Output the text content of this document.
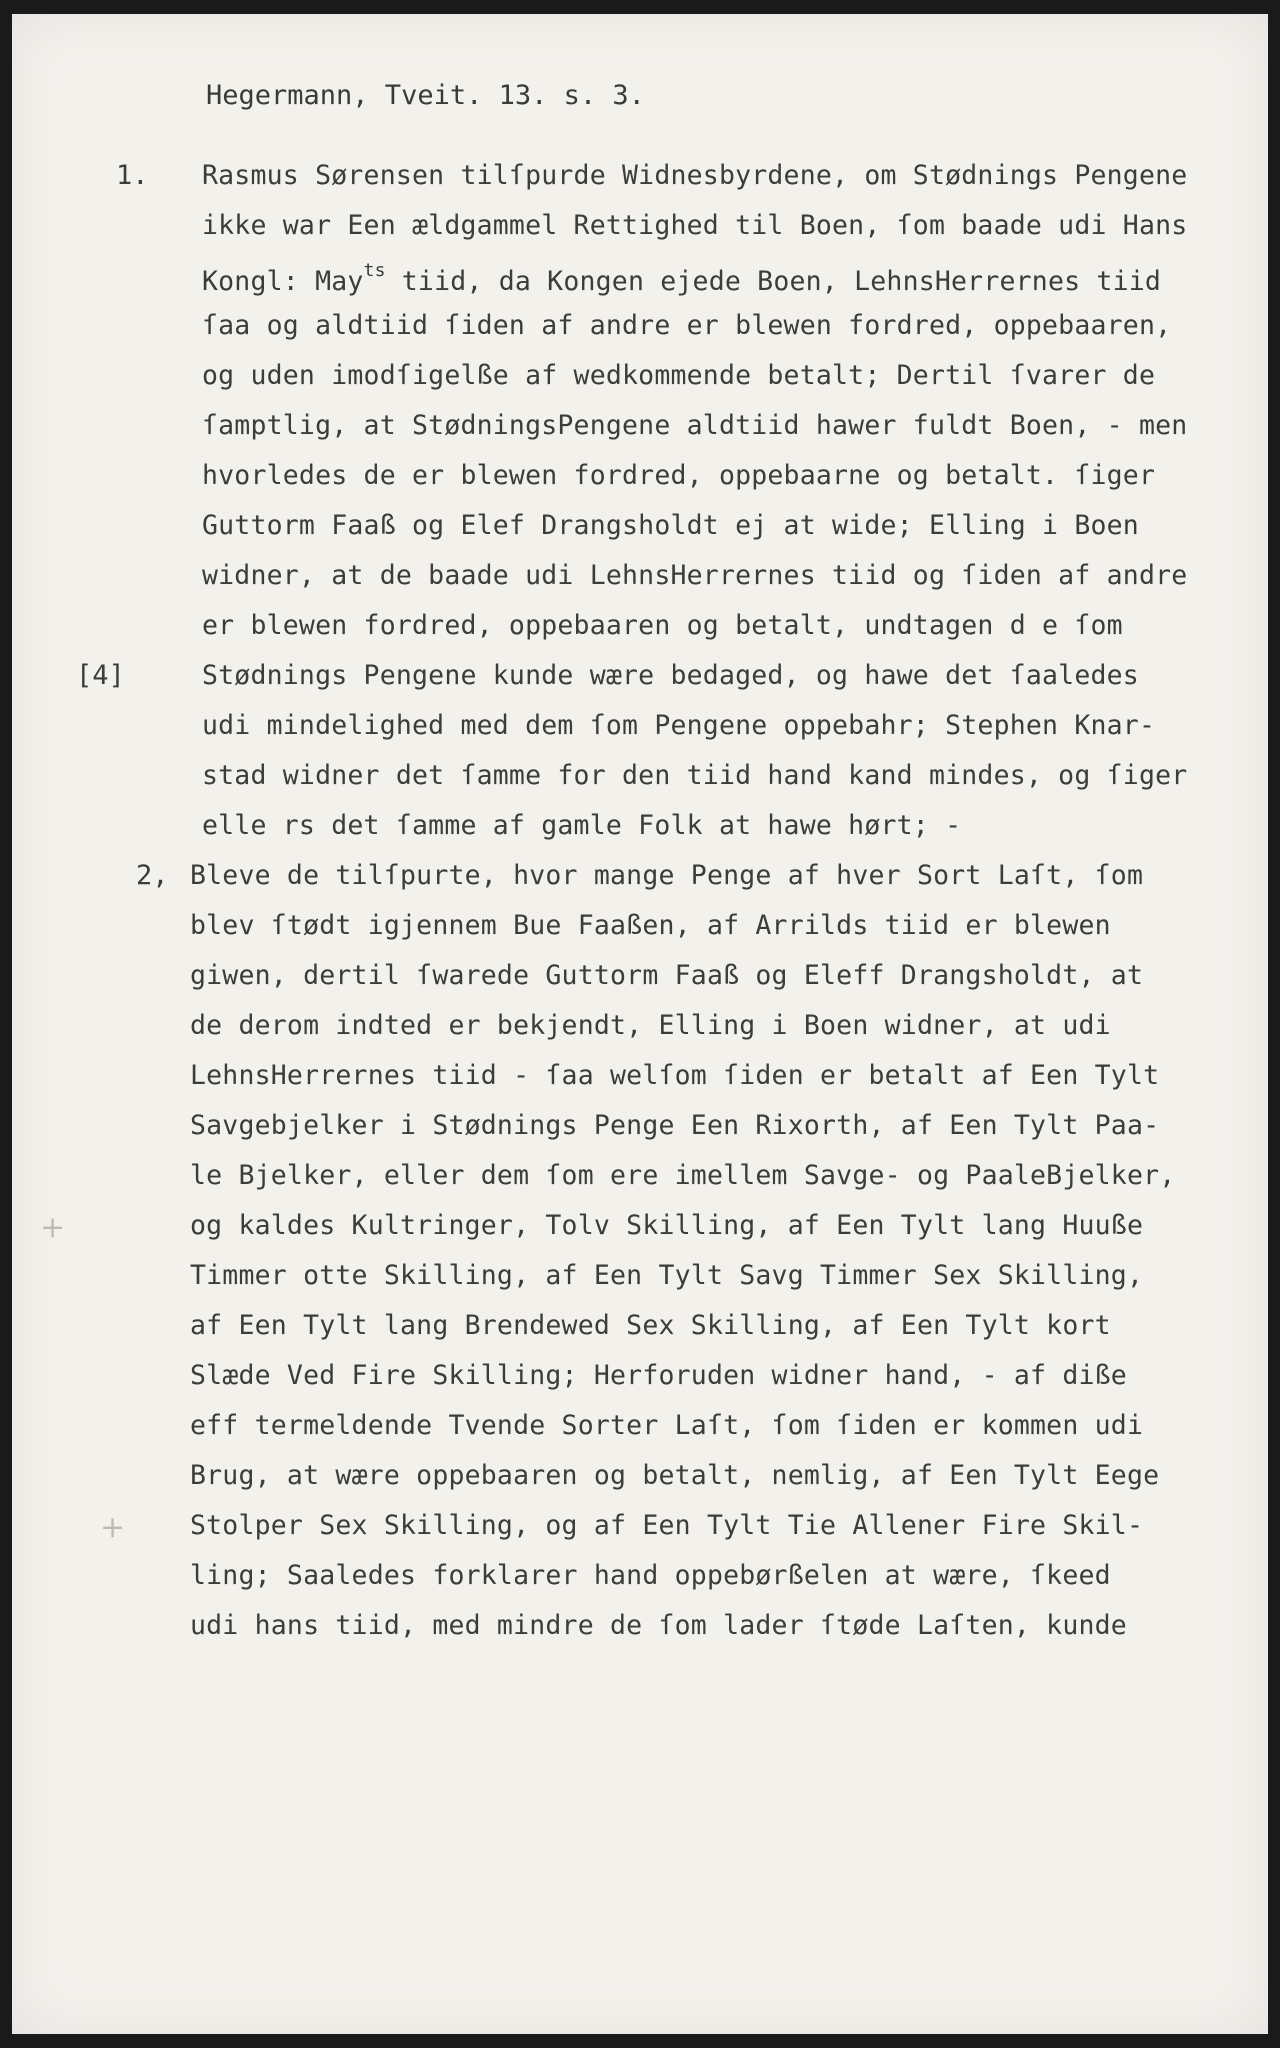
Hegermann, Tveit. 13. s. 3.
1. Rasmus Sørensen tilſpurde Widnesbyrdene, om Stødnings Pengene
ikke war Een ældgammel Rettighed til Boen, ſom baade udi Hans
Kongl: May$^{ts}$ tiid, da Kongen ejede Boen, LehnsHerrernes tiid
ſaa og aldtiid ſiden af andre er blewen fordred, oppebaaren,
og uden imodſigelße af wedkommende betalt; Dertil ſvarer de
ſamptlig, at StødningsPengene aldtiid hawer fuldt Boen, - men
hvorledes de er blewen fordred, oppebaarne og betalt. ſiger
Guttorm Faaß og Elef Drangsholdt ej at wide; Elling i Boen
widner, at de baade udi LehnsHerrernes tiid og ſiden af andre
er blewen fordred, oppebaaren og betalt, undtagen d e ſom
[4]	Stødnings Pengene kunde wære bedaged, og hawe det ſaaledes
udi mindelighed med dem ſom Pengene oppebahr; Stephen Knar-
stad widner det ſamme for den tiid hand kand mindes, og ſiger
elle rs det ſamme af gamle Folk at hawe hørt; -
2, Bleve de tilſpurte, hvor mange Penge af hver Sort Laſt, ſom
blev ſtødt igjennem Bue Faaßen, af Arrilds tiid er blewen
giwen, dertil ſwarede Guttorm Faaß og Eleff Drangsholdt, at
de derom indted er bekjendt, Elling i Boen widner, at udi
LehnsHerrernes tiid - ſaa welſom ſiden er betalt af Een Tylt
Savgebjelker i Stødnings Penge Een Rixorth, af Een Tylt Paa-
le Bjelker, eller dem ſom ere imellem Savge- og PaaleBjelker,
+	og kaldes Kultringer, Tolv Skilling, af Een Tylt lang Huuße
Timmer otte Skilling, af Een Tylt Savg Timmer Sex Skilling,
af Een Tylt lang Brendewed Sex Skilling, af Een Tylt kort
Slæde Ved Fire Skilling; Herforuden widner hand, - af diße
eff termeldende Tvende Sorter Laſt, ſom ſiden er kommen udi
Brug, at wære oppebaaren og betalt, nemlig, af Een Tylt Eege
+ Stolper Sex Skilling, og af Een Tylt Tie Allener Fire Skil-
ling; Saaledes forklarer hand oppebørßelen at wære, ſkeed
udi hans tiid, med mindre de ſom lader ſtøde Laſten, kunde
